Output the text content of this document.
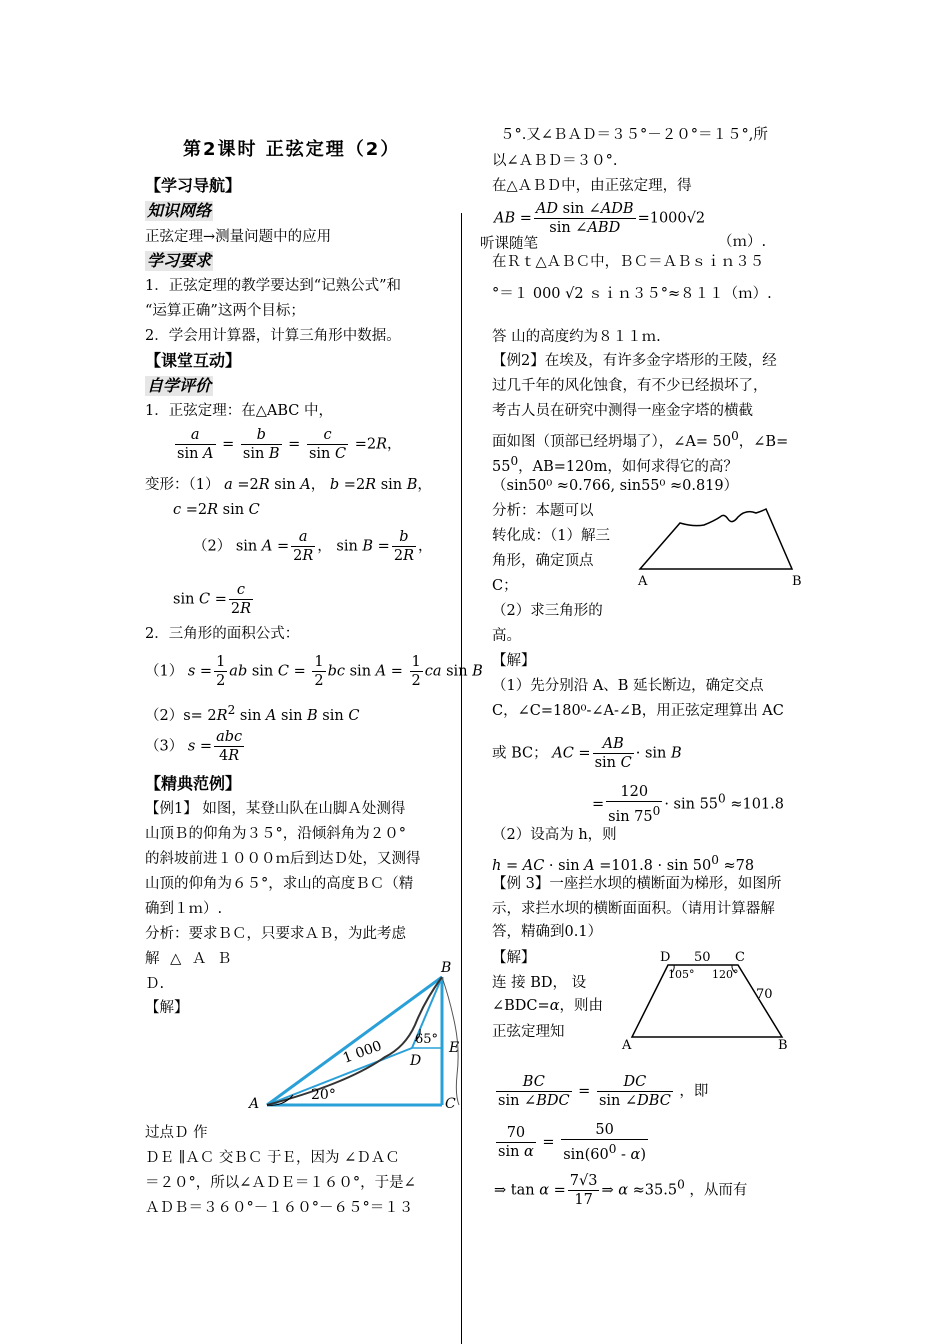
第2课时 正弦定理（2）
【学习导航】
知识网络
正弦定理→测量问题中的应用
学习要求
1．正弦定理的教学要达到“记熟公式”和
“运算正确”这两个目标；
2．学会用计算器，计算三角形中数据。
【课堂互动】
自学评价
1．正弦定理：在△ABC 中，
$\frac{a}{\text{sin A}} = \frac{b}{\text{sin B}} = \frac{c}{\text{sin C}} =2R$，
变形：（1） a =2R sin A， b =2R sin B，
c =2R sin C
（2） $\sin A = \frac{a}{2R}$ ， $\sin B = \frac{b}{2R}$ ，
$\sin C = \frac{c}{2R}$
2．三角形的面积公式：
（1） $s = \frac{1}{2}$ ab $\sin C = \frac{1}{2}$ bc $\sin A = \frac{1}{2}$ ca sin B
$(2)s= 2R^2$ sin A sin B sin C
（3） $s = \frac{\text{abc}}{4R}$
【精典范例】
【例1】 如图，某登山队在山脚Ａ处测得
山顶Ｂ的仰角为３５°，沿倾斜角为２０°
的斜坡前进１０００ｍ后到达Ｄ处，又测得
山顶的仰角为６５°，求山的高度ＢＣ（精
确到１ｍ）.
分析：要求ＢＣ，只要求ＡＢ，为此考虑
解 △ Ａ Ｂ
Ｄ.
【解】
过点Ｄ 作
ＤＥ ∥ＡＣ 交ＢＣ 于Ｅ，因为 ∠ＤＡＣ
＝２０°，所以∠ＡＤＥ＝１６０°，于是∠
ＡＤＢ＝３６０°－１６０°－６５°＝１３
B
A	C
D
E
1 000
20°
65°
５°.又∠ＢＡＤ＝３５°－２０°＝１５°,所
以∠ＡＢＤ＝３０°.
在△ＡＢＤ中，由正弦定理，得
AB = $\frac{\text{AD sin ∠ADB}}{\text{sin ∠ABD}} =1000√2$
听课随笔	（ｍ）.
在Ｒｔ△ＡＢＣ中，ＢＣ＝ＡＢｓｉｎ３５
°＝１ 000 √2 ｓｉｎ３５°≈８１１（ｍ）.
答 山的高度约为８１１ｍ.
【例2】在埃及，有许多金字塔形的王陵，经
过几千年的风化蚀食，有不少已经损坏了，
考古人员在研究中测得一座金字塔的横截
面如图（顶部已经坍塌了），∠A= $50^0$，∠B=
$55^0$，AB=120m，如何求得它的高？
（sin50⁰ ≈0.766, sin55⁰ ≈0.819）
分析：本题可以
转化成：（1）解三
角形，确定顶点
C；
（2）求三角形的
高。
【解】
（1）先分别沿 A、B 延长断边，确定交点
C，∠C=180⁰-∠A-∠B，用正弦定理算出 AC
或 BC； AC = $\frac{AB}{\text{sin C}} \cdot \sin B$
= $\frac{120}{\sin 75^0} \cdot \sin 55^0 \approx 101.8$
（2）设高为 h，则
h = AC · $\sin A =101.8 \cdot \sin 50^0 \approx 78$
【例 3】一座拦水坝的横断面为梯形，如图所
示，求拦水坝的横断面面积。（请用计算器解
答，精确到0.1）
【解】
连 接 BD， 设
∠BDC=α，则由
正弦定理知
$\frac{BC}{\text{sin ∠BDC}} = \frac{DC}{\text{sin ∠DBC}}$ ，即
$\frac{70}{\text{sin α}} = \frac{50}{\sin(60^0 - \alpha)}$
⇒ $\tan \alpha = \frac{7√3}{17}$ ⇒ $\alpha \approx 35.5^0$ ，从而有
A	B
D	C
A	B
50
70
105° 120°
